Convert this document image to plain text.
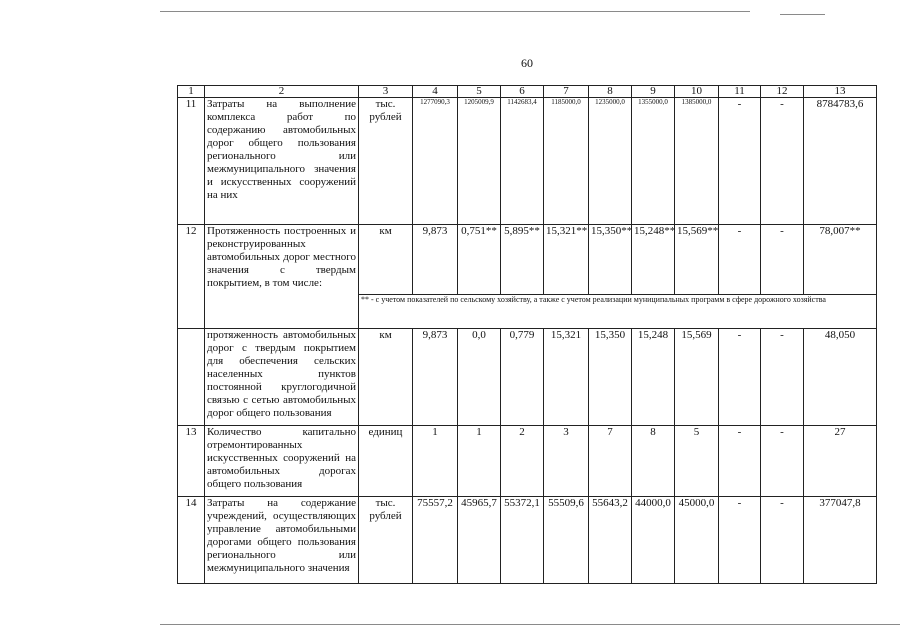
60
1	2	3	4	5	6	7	8	9	10	11	12	13
11	Затраты на выполнение комплекса работ по содержанию автомобильных дорог общего пользования регионального или межмуниципального значения и искусственных сооружений на них	тыс. рублей	1277090,3	1205009,9	1142683,4	1185000,0	1235000,0	1355000,0	1385000,0	-	-	8784783,6
12	Протяженность построенных и реконструированных автомобильных дорог местного значения с твердым покрытием, в том числе:	км	9,873	0,751**	5,895**	15,321**	15,350**	15,248**	15,569**	-	-	78,007**
		** - с учетом показателей по сельскому хозяйству, а также с учетом реализации муниципальных программ в сфере дорожного хозяйства										
	протяженность автомобильных дорог с твердым покрытием для обеспечения сельских населенных пунктов постоянной круглогодичной связью с сетью автомобильных дорог общего пользования	км	9,873	0,0	0,779	15,321	15,350	15,248	15,569	-	-	48,050
13	Количество капитально отремонтированных искусственных сооружений на автомобильных дорогах общего пользования	единиц	1	1	2	3	7	8	5	-	-	27
14	Затраты на содержание учреждений, осуществляющих управление автомобильными дорогами общего пользования регионального или межмуниципального значения	тыс. рублей	75557,2	45965,7	55372,1	55509,6	55643,2	44000,0	45000,0	-	-	377047,8
